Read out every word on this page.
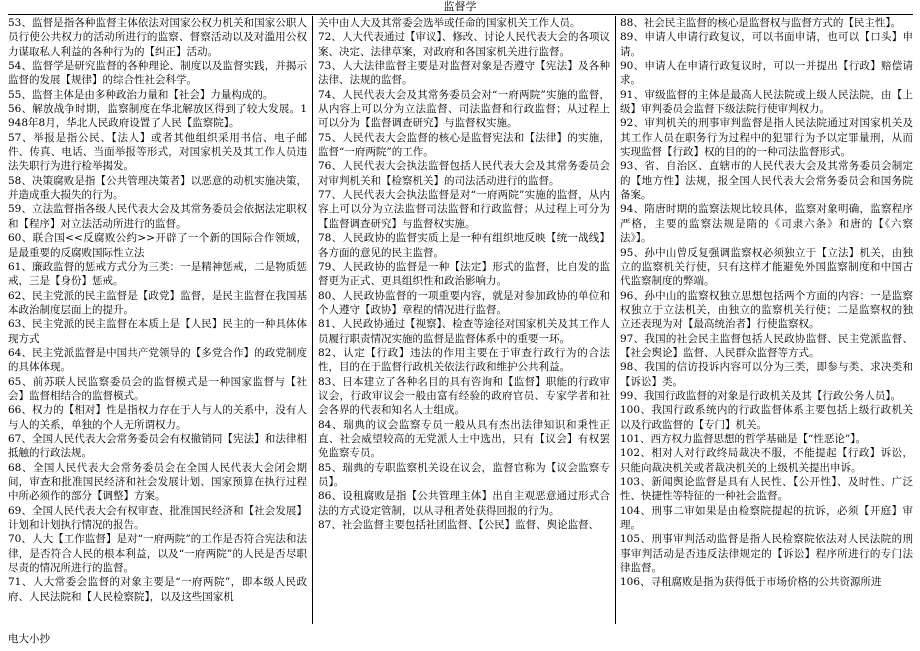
监督学

53、监督是指各种监督主体依法对国家公权力机关和国家公职人员行使公共权力的活动所进行的监察、督察活动以及对滥用公权力谋取私人利益的各种行为的【纠正】活动。

54、监督学是研究监督的各种理论、制度以及监督实践，并揭示监督的发展【规律】的综合性社会科学。

55、监督主体是由多种政治力量和【社会】力量构成的。

56、解放战争时期，监察制度在华北解放区得到了较大发展。1948年8月，华北人民政府设置了人民【监察院】。

57、举报是指公民、【法人】或者其他组织采用书信、电子邮件、传真、电话、当面举报等形式，对国家机关及其工作人员违法失职行为进行检举揭发。

58、决策腐败是指【公共管理决策者】以恶意的动机实施决策，并造成重大损失的行为。

59、立法监督指各级人民代表大会及其常务委员会依据法定职权和【程序】对立法活动所进行的监督。

60、联合国<<反腐败公约>>开辟了一个新的国际合作领域，是最重要的反腐败国际性立法

61、廉政监督的惩戒方式分为三类：一是精神惩戒，二是物质惩戒，三是【身份】惩戒。

62、民主党派的民主监督是【政党】监督，是民主监督在我国基本政治制度层面上的提升。

63、民主党派的民主监督在本质上是【人民】民主的一种具体体现方式

64、民主党派监督是中国共产党领导的【多党合作】的政党制度的具体体现。

65、前苏联人民监察委员会的监督模式是一种国家监督与【社会】监督相结合的监督模式。

66、权力的【相对】性是指权力存在于人与人的关系中，没有人与人的关系，单独的个人无所谓权力。

67、全国人民代表大会常务委员会有权撤销同【宪法】和法律相抵触的行政法规。

68、全国人民代表大会常务委员会在全国人民代表大会闭会期间，审查和批准国民经济和社会发展计划、国家预算在执行过程中所必须作的部分【调整】方案。

69、全国人民代表大会有权审查、批准国民经济和【社会发展】计划和计划执行情况的报告。

70、人大【工作监督】是对“一府两院”的工作是否符合宪法和法律，是否符合人民的根本利益，以及“一府两院”的人民是否尽职尽责的情况所进行的监督。

71、人大常委会监督的对象主要是“一府两院”，即本级人民政府、人民法院和【人民检察院】，以及这些国家机

关中由人大及其常委会选举或任命的国家机关工作人员。

72、人大代表通过【审议】、修改、讨论人民代表大会的各项议案、决定、法律草案，对政府和各国家机关进行监督。

73、人大法律监督主要是对监督对象是否遵守【宪法】及各种法律、法规的监督。

74、人民代表大会及其常务委员会对“一府两院”实施的监督，从内容上可以分为立法监督、司法监督和行政监督；从过程上可以分为【监督调查研究】与监督权实施。

75、人民代表大会监督的核心是监督宪法和【法律】的实施，监督“一府两院”的工作。

76、人民代表大会执法监督包括人民代表大会及其常务委员会对审判机关和【检察机关】的司法活动进行的监督。

77、人民代表大会执法监督是对“一府两院”实施的监督，从内容上可以分为立法监督司法监督和行政监督；从过程上可分为【监督调查研究】与监督权实施。

78、人民政协的监督实质上是一种有组织地反映【统一战线】各方面的意见的民主监督。

79、人民政协的监督是一种【法定】形式的监督，比自发的监督更为正式、更具组织性和政治影响力。

80、人民政协监督的一项重要内容，就是对参加政协的单位和个人遵守【政协】章程的情况进行监督。

81、人民政协通过【视察】、检查等途径对国家机关及其工作人员履行职责情况实施的监督是监督体系中的重要一环。

82、认定【行政】违法的作用主要在于审查行政行为的合法性，目的在于监督行政机关依法行政和维护公共利益。

83、日本建立了各种名目的具有咨询和【监督】职能的行政审议会，行政审议会一般由富有经验的政府官员、专家学者和社会各界的代表和知名人士组成。

84、瑞典的议会监察专员一般从具有杰出法律知识和秉性正直、社会威望较高的无党派人士中选出，只有【议会】有权罢免监察专员。

85、瑞典的专职监察机关设在议会，监督官称为【议会监察专员】。

86、设租腐败是指【公共管理主体】出自主观恶意通过形式合法的方式设定管制，以从寻租者处获得回报的行为。

87、社会监督主要包括社团监督、【公民】监督、舆论监督、

88、社会民主监督的核心是监督权与监督方式的【民主性】。

89、申请人申请行政复议，可以书面申请，也可以【口头】申请。

90、申请人在申请行政复议时，可以一并提出【行政】赔偿请求。

91、审级监督的主体是最高人民法院或上级人民法院，由【上级】审判委员会监督下级法院行使审判权力。

92、审判机关的刑事审判监督是指人民法院通过对国家机关及其工作人员在职务行为过程中的犯罪行为予以定罪量刑，从而实现监督【行政】权的目的的一种司法监督形式。

93、省、自治区、直辖市的人民代表大会及其常务委员会制定的【地方性】法规，报全国人民代表大会常务委员会和国务院备案。

94、隋唐时期的监察法规比较具体，监察对象明确，监察程序严格，主要的监察法规是隋的《司隶六条》和唐的【《六察法》】。

95、孙中山曾反复强调监察权必须独立于【立法】机关，由独立的监察机关行使，只有这样才能避免外国监察制度和中国古代监察制度的弊端。

96、孙中山的监察权独立思想包括两个方面的内容：一是监察权独立于立法机关，由独立的监察机关行使；二是监察权的独立还表现为对【最高统治者】行使监察权。

97、我国的社会民主监督包括人民政协监督、民主党派监督、【社会舆论】监督、人民群众监督等方式。

98、我国的信访投诉内容可以分为三类，即参与类、求决类和【诉讼】类。

99、我国行政监督的对象是行政机关及其【行政公务人员】。

100、我国行政系统内的行政监督体系主要包括上级行政机关以及行政监督的【专门】机关。

101、西方权力监督思想的哲学基础是【“性恶论”】。

102、相对人对行政终局裁决不服，不能提起【行政】诉讼，只能向裁决机关或者裁决机关的上级机关提出申诉。

103、新闻舆论监督是具有人民性、【公开性】、及时性、广泛性、快捷性等特征的一种社会监督。

104、刑事二审如果是由检察院提起的抗诉，必须【开庭】审理。

105、刑事审判活动监督是指人民检察院依法对人民法院的刑事审判活动是否违反法律规定的【诉讼】程序所进行的专门法律监督。

106、寻租腐败是指为获得低于市场价格的公共资源所进

电大小抄
